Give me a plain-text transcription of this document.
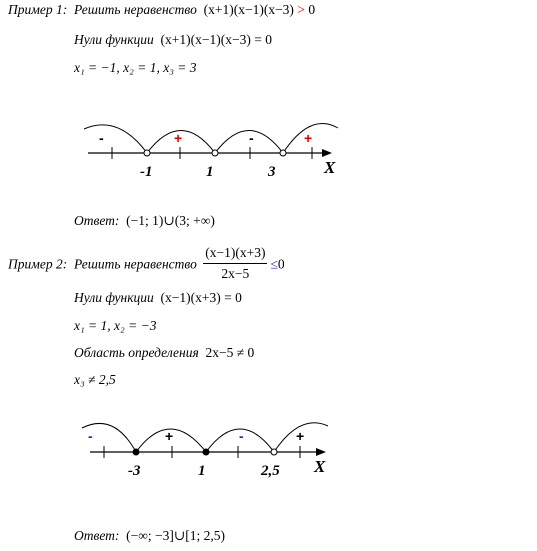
Пример 1: Решить неравенство (x+1)(x−1)(x−3) > 0
Нули функции (x+1)(x−1)(x−3) = 0
x₁ = −1, x₂ = 1, x₃ = 3
-	+	-	+
-1	1	3	X
-	+	-	+
-3	1	2,5 X
Ответ: (−1; 1)∪(3; +∞)
Пример 2: Решить неравенство $\frac{(x-1)(x+3)}{2x-5} \le 0$
Нули функции (x−1)(x+3) = 0
x₁ = 1, x₂ = −3
Область определения 2x−5 ≠ 0
x₃ ≠ 2,5
Ответ: (−∞; −3]∪[1; 2,5)
